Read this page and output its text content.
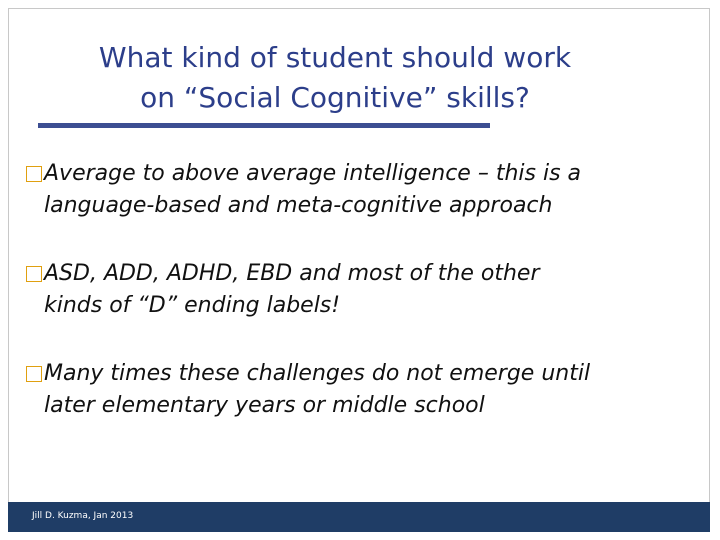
What kind of student should work
on “Social Cognitive” skills?
Average to above average intelligence – this is a
language-based and meta-cognitive approach
ASD, ADD, ADHD, EBD and most of the other
kinds of “D” ending labels!
Many times these challenges do not emerge until
later elementary years or middle school
Jill D. Kuzma, Jan 2013
